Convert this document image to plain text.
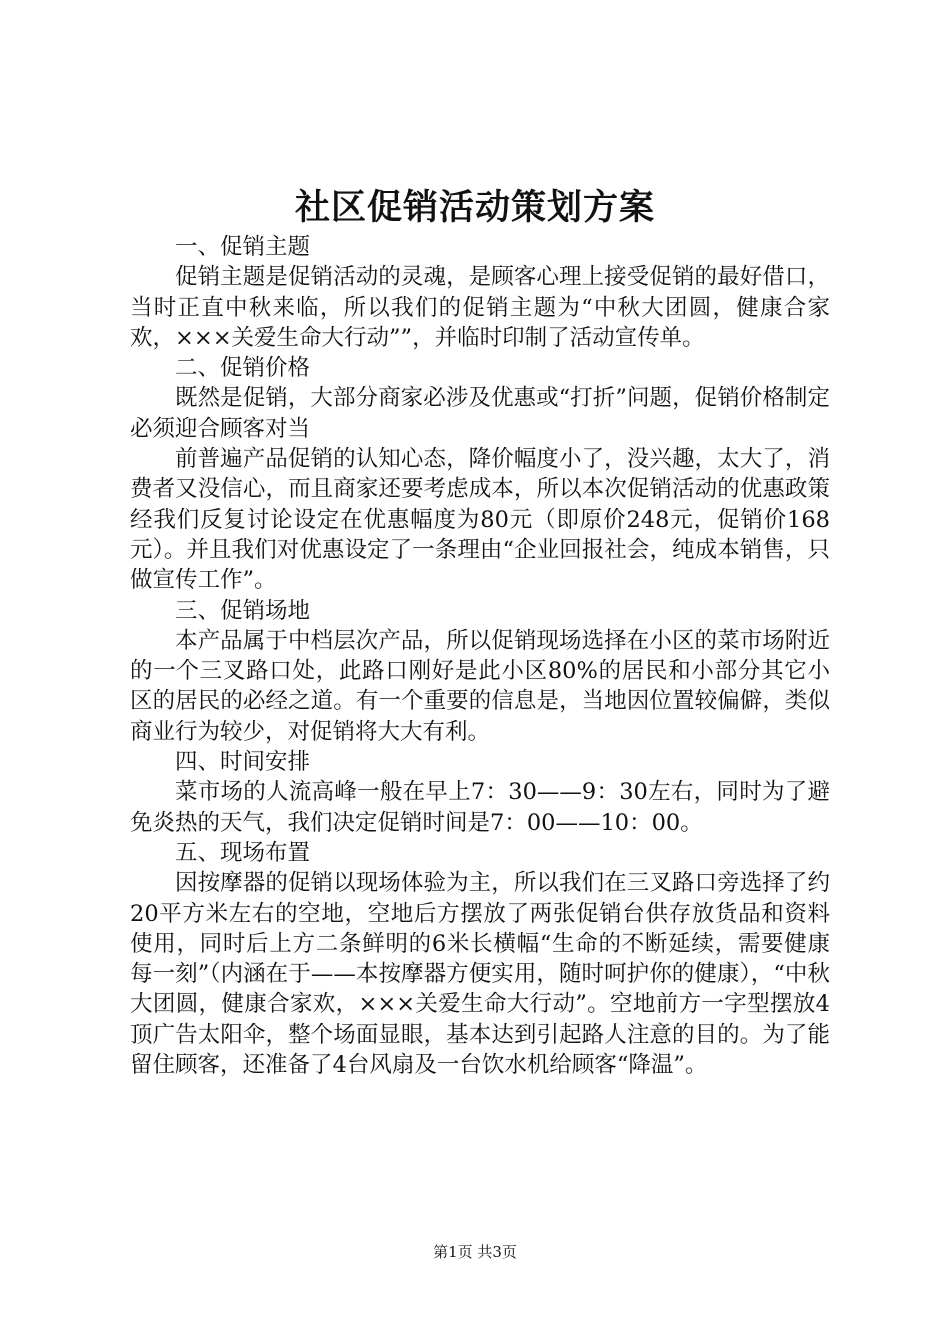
社区促销活动策划方案

一、促销主题

促销主题是促销活动的灵魂，是顾客心理上接受促销的最好借口，当时正直中秋来临，所以我们的促销主题为“中秋大团圆，健康合家欢，×××关爱生命大行动””，并临时印制了活动宣传单。

二、促销价格

既然是促销，大部分商家必涉及优惠或“打折”问题，促销价格制定必须迎合顾客对当

前普遍产品促销的认知心态，降价幅度小了，没兴趣，太大了，消费者又没信心，而且商家还要考虑成本，所以本次促销活动的优惠政策经我们反复讨论设定在优惠幅度为80元（即原价248元，促销价168元）。并且我们对优惠设定了一条理由“企业回报社会，纯成本销售，只做宣传工作”。

三、促销场地

本产品属于中档层次产品，所以促销现场选择在小区的菜市场附近的一个三叉路口处，此路口刚好是此小区80%的居民和小部分其它小区的居民的必经之道。有一个重要的信息是，当地因位置较偏僻，类似商业行为较少，对促销将大大有利。

四、时间安排

菜市场的人流高峰一般在早上7：30——9：30左右，同时为了避免炎热的天气，我们决定促销时间是7：00——10：00。

五、现场布置

因按摩器的促销以现场体验为主，所以我们在三叉路口旁选择了约20平方米左右的空地，空地后方摆放了两张促销台供存放货品和资料使用，同时后上方二条鲜明的6米长横幅“生命的不断延续，需要健康每一刻”（内涵在于——本按摩器方便实用，随时呵护你的健康），“中秋大团圆，健康合家欢，×××关爱生命大行动”。空地前方一字型摆放4顶广告太阳伞，整个场面显眼，基本达到引起路人注意的目的。为了能留住顾客，还准备了4台风扇及一台饮水机给顾客“降温”。

第1页 共3页
